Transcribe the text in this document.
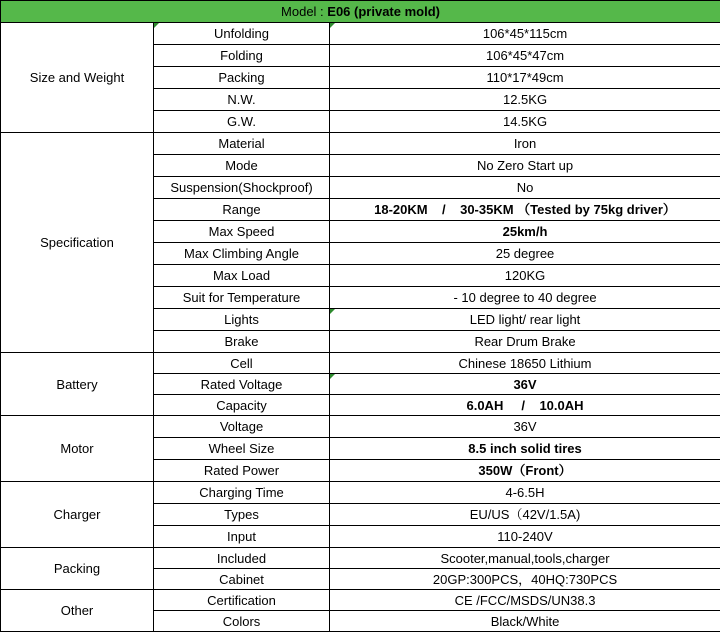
Model : E06 (private mold)		
Size and Weight	Unfolding	106*45*115cm
	Folding	106*45*47cm
	Packing	110*17*49cm
	N.W.	12.5KG
	G.W.	14.5KG
Specification	Material	Iron
	Mode	No Zero Start up
	Suspension(Shockproof)	No
	Range	18-20KM    /    30-35KM （Tested by 75kg driver）
	Max Speed	25km/h
	Max Climbing Angle	25 degree
	Max Load	120KG
	Suit for Temperature	- 10 degree to 40 degree
	Lights	LED light/ rear light
	Brake	Rear Drum Brake
Battery	Cell	Chinese 18650 Lithium
	Rated Voltage	36V
	Capacity	6.0AH     /    10.0AH
Motor	Voltage	36V
	Wheel Size	8.5 inch solid tires
	Rated Power	350W（Front）
Charger	Charging Time	4-6.5H
	Types	EU/US（42V/1.5A)
	Input	110-240V
Packing	Included	Scooter,manual,tools,charger
	Cabinet	20GP:300PCS，40HQ:730PCS
Other	Certification	CE /FCC/MSDS/UN38.3
	Colors	Black/White
